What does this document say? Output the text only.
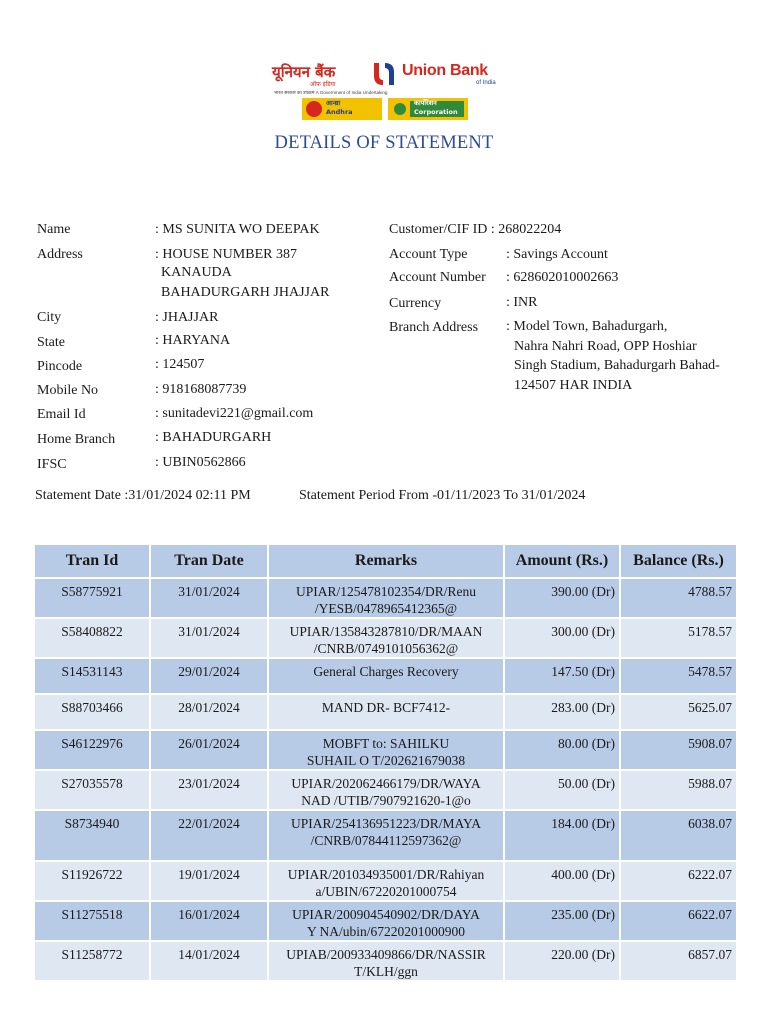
यूनियन बैंक
ऑफ इंडिया
Union Bank
of India
भारत सरकार का उपक्रम A Government of India Undertaking
आन्ध्रा
Andhra
कार्पोरेशन
Corporation
DETAILS OF STATEMENT
Name	: MS SUNITA WO DEEPAK
Address	: HOUSE NUMBER 387
KANAUDA
BAHADURGARH JHAJJAR
City	: JHAJJAR
State	: HARYANA
Pincode	: 124507
Mobile No	: 918168087739
Email Id	: sunitadevi221@gmail.com
Home Branch	: BAHADURGARH
IFSC	: UBIN0562866
Customer/CIF ID : 268022204
Account Type	: Savings Account
Account Number : 628602010002663
Currency	: INR
Branch Address : Model Town, Bahadurgarh,
Nahra Nahri Road, OPP Hoshiar
Singh Stadium, Bahadurgarh Bahad-
124507 HAR INDIA
Statement Date :31/01/2024 02:11 PM	Statement Period From -01/11/2023 To 31/01/2024
Tran Id	Tran Date	Remarks	Amount (Rs.)	Balance (Rs.)
S58775921	31/01/2024	UPIAR/125478102354/DR/Renu
/YESB/0478965412365@	390.00 (Dr)	4788.57
S58408822	31/01/2024	UPIAR/135843287810/DR/MAAN
/CNRB/0749101056362@	300.00 (Dr)	5178.57
S14531143	29/01/2024	General Charges Recovery	147.50 (Dr)	5478.57
S88703466	28/01/2024	MAND DR- BCF7412-	283.00 (Dr)	5625.07
S46122976	26/01/2024	MOBFT to: SAHILKU
SUHAIL O T/202621679038	80.00 (Dr)	5908.07
S27035578	23/01/2024	UPIAR/202062466179/DR/WAYA
NAD /UTIB/7907921620-1@o	50.00 (Dr)	5988.07
S8734940	22/01/2024	UPIAR/254136951223/DR/MAYA
/CNRB/07844112597362@	184.00 (Dr)	6038.07
S11926722	19/01/2024	UPIAR/201034935001/DR/Rahiyan
a/UBIN/67220201000754	400.00 (Dr)	6222.07
S11275518	16/01/2024	UPIAR/200904540902/DR/DAYA
Y NA/ubin/67220201000900	235.00 (Dr)	6622.07
S11258772	14/01/2024	UPIAB/200933409866/DR/NASSIR
T/KLH/ggn	220.00 (Dr)	6857.07
